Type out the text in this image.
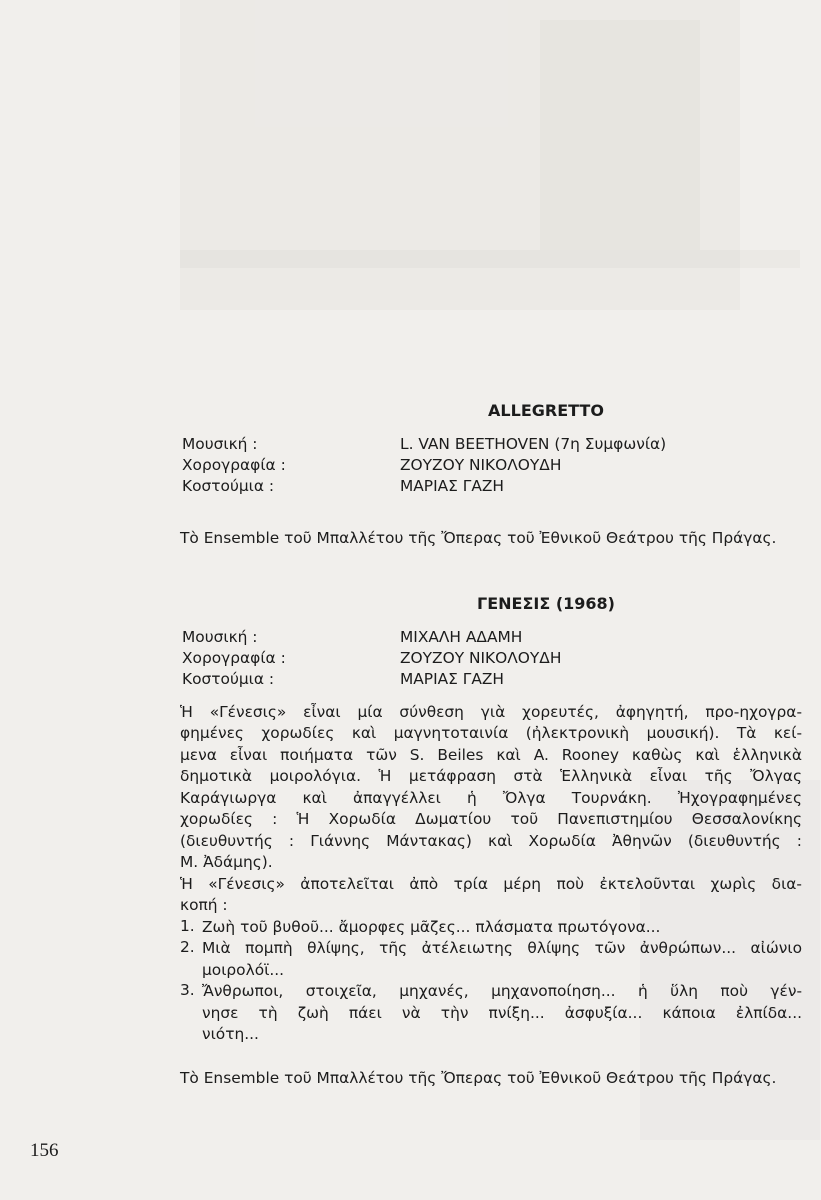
ALLEGRETTO
Μουσική :	L. VAN BEETHOVEN (7η Συμφωνία)
Χορογραφία :	ΖΟΥΖΟΥ ΝΙΚΟΛΟΥΔΗ
Κοστούμια :	ΜΑΡΙΑΣ ΓΑΖΗ
Τὸ Ensemble τοῦ Μπαλλέτου τῆς Ὄπερας τοῦ Ἐθνικοῦ Θεάτρου τῆς Πράγας.
ΓΕΝΕΣΙΣ (1968)
Μουσική :	ΜΙΧΑΛΗ ΑΔΑΜΗ
Χορογραφία :	ΖΟΥΖΟΥ ΝΙΚΟΛΟΥΔΗ
Κοστούμια :	ΜΑΡΙΑΣ ΓΑΖΗ
Ἡ «Γένεσις» εἶναι μία σύνθεση γιὰ χορευτές, ἀφηγητή, προ-ηχογρα-
φημένες χορωδίες καὶ μαγνητοταινία (ἠλεκτρονικὴ μουσική). Τὰ κεί-
μενα εἶναι ποιήματα τῶν S. Beiles καὶ A. Rooney καθὼς καὶ ἑλληνικὰ
δημοτικὰ μοιρολόγια. Ἡ μετάφραση στὰ Ἑλληνικὰ εἶναι τῆς Ὄλγας
Καράγιωργα καὶ ἀπαγγέλλει ἡ Ὄλγα Τουρνάκη. Ἠχογραφημένες
χορωδίες : Ἡ Χορωδία Δωματίου τοῦ Πανεπιστημίου Θεσσαλονίκης
(διευθυντής : Γιάννης Μάντακας) καὶ Χορωδία Ἀθηνῶν (διευθυντής :
Μ. Ἀδάμης).
Ἡ «Γένεσις» ἀποτελεῖται ἀπὸ τρία μέρη ποὺ ἐκτελοῦνται χωρὶς δια-
κοπή :
1. Ζωὴ τοῦ βυθοῦ... ἄμορφες μᾶζες... πλάσματα πρωτόγονα...
2. Μιὰ πομπὴ θλίψης, τῆς ἀτέλειωτης θλίψης τῶν ἀνθρώπων... αἰώνιο
μοιρολόϊ...
3. Ἄνθρωποι, στοιχεῖα, μηχανές, μηχανοποίηση... ἡ ὕλη ποὺ γέν-
νησε τὴ ζωὴ πάει νὰ τὴν πνίξη... ἀσφυξία... κάποια ἐλπίδα...
νιότη...
Τὸ Ensemble τοῦ Μπαλλέτου τῆς Ὄπερας τοῦ Ἐθνικοῦ Θεάτρου τῆς Πράγας.
156
